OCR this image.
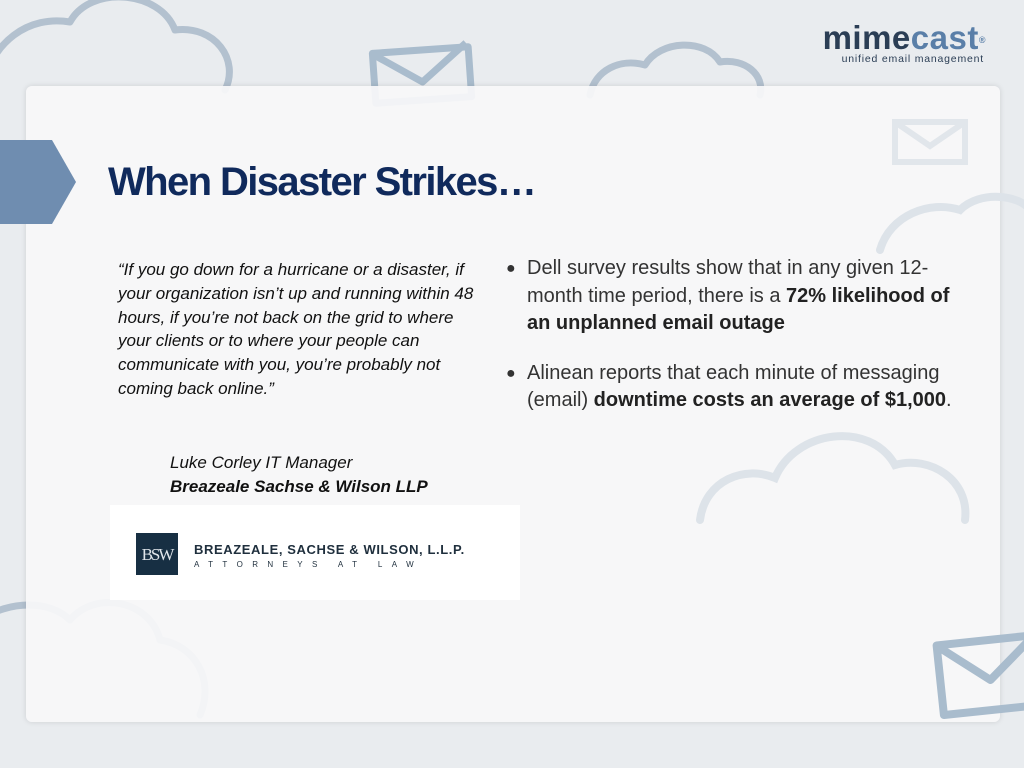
mimecast®
unified email management
When Disaster Strikes…

“If you go down for a hurricane or a disaster, if your organization isn’t up and running within 48 hours, if you’re not back on the grid to where your clients or to where your people can communicate with you, you’re probably not coming back online.”

Luke Corley IT Manager
Breazeale Sachse & Wilson LLP
BSW BREAZEALE, SACHSE & WILSON, L.L.P.
ATTORNEYS AT LAW
● Dell survey results show that in any given 12-month time period, there is a 72% likelihood of an unplanned email outage
● Alinean reports that each minute of messaging (email) downtime costs an average of $1,000.
